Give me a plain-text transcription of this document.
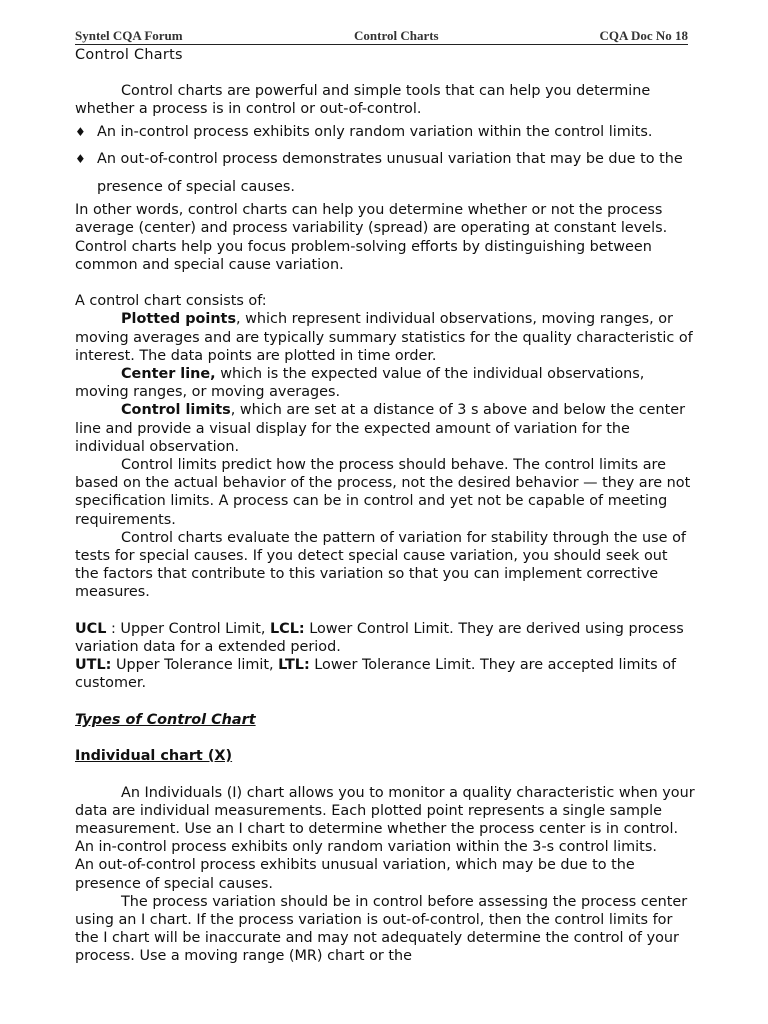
Syntel CQA Forum	Control Charts	CQA Doc No 18

Control Charts

Control charts are powerful and simple tools that can help you determine whether a process is in control or out-of-control.

♦ An in-control process exhibits only random variation within the control limits.
♦ An out-of-control process demonstrates unusual variation that may be due to the presence of special causes.

In other words, control charts can help you determine whether or not the process average (center) and process variability (spread) are operating at constant levels. Control charts help you focus problem-solving efforts by distinguishing between common and special cause variation.

A control chart consists of:

Plotted points, which represent individual observations, moving ranges, or moving averages and are typically summary statistics for the quality characteristic of interest. The data points are plotted in time order.

Center line, which is the expected value of the individual observations, moving ranges, or moving averages.

Control limits, which are set at a distance of 3 s above and below the center line and provide a visual display for the expected amount of variation for the individual observation.

Control limits predict how the process should behave. The control limits are based on the actual behavior of the process, not the desired behavior — they are not specification limits. A process can be in control and yet not be capable of meeting requirements.

Control charts evaluate the pattern of variation for stability through the use of tests for special causes. If you detect special cause variation, you should seek out the factors that contribute to this variation so that you can implement corrective measures.

UCL : Upper Control Limit, LCL: Lower Control Limit. They are derived using process variation data for a extended period.

UTL: Upper Tolerance limit, LTL: Lower Tolerance Limit. They are accepted limits of customer.

Types of Control Chart

Individual chart (X)

An Individuals (I) chart allows you to monitor a quality characteristic when your data are individual measurements. Each plotted point represents a single sample measurement. Use an I chart to determine whether the process center is in control.

An in-control process exhibits only random variation within the 3-s control limits.

An out-of-control process exhibits unusual variation, which may be due to the presence of special causes.

The process variation should be in control before assessing the process center using an I chart. If the process variation is out-of-control, then the control limits for the I chart will be inaccurate and may not adequately determine the control of your process. Use a moving range (MR) chart or the
